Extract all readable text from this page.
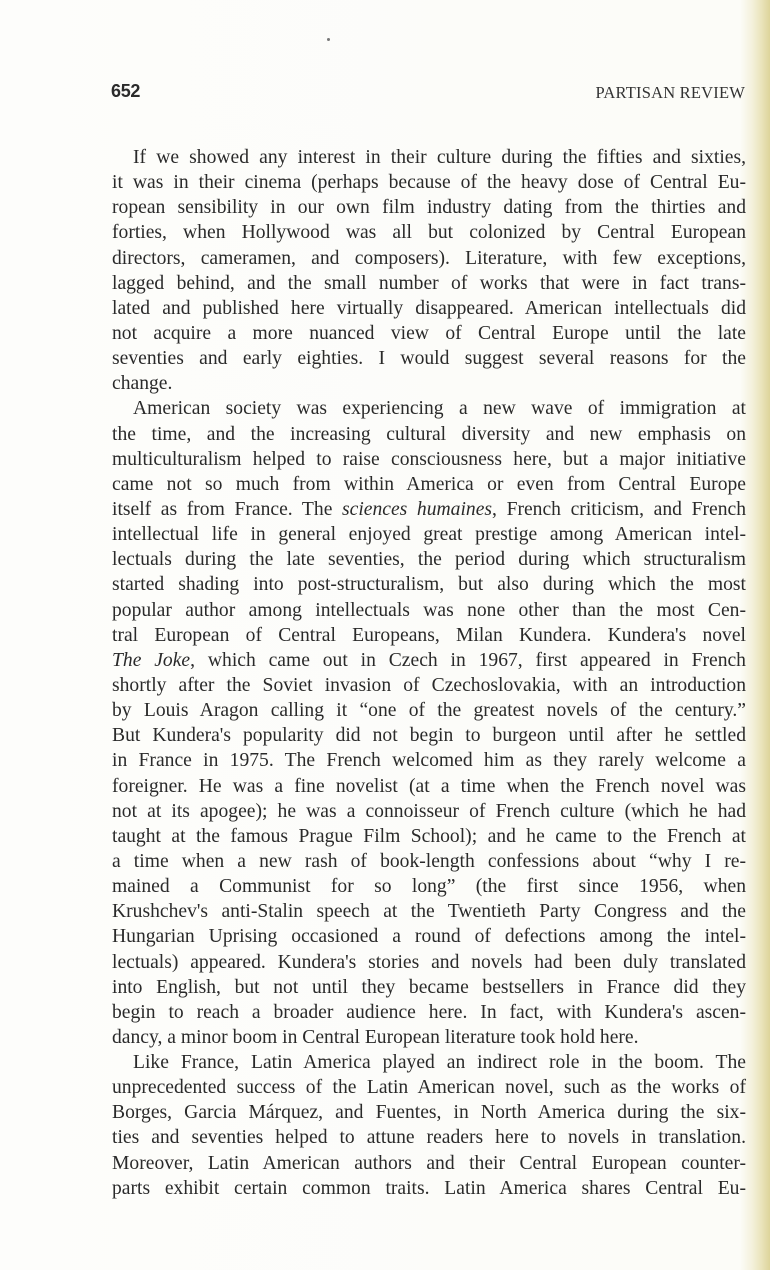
652	PARTISAN REVIEW
If we showed any interest in their culture during the fifties and sixties,
it was in their cinema (perhaps because of the heavy dose of Central Eu-
ropean sensibility in our own film industry dating from the thirties and
forties, when Hollywood was all but colonized by Central European
directors, cameramen, and composers). Literature, with few exceptions,
lagged behind, and the small number of works that were in fact trans-
lated and published here virtually disappeared. American intellectuals did
not acquire a more nuanced view of Central Europe until the late
seventies and early eighties. I would suggest several reasons for the
change.
American society was experiencing a new wave of immigration at
the time, and the increasing cultural diversity and new emphasis on
multiculturalism helped to raise consciousness here, but a major initiative
came not so much from within America or even from Central Europe
itself as from France. The sciences humaines, French criticism, and French
intellectual life in general enjoyed great prestige among American intel-
lectuals during the late seventies, the period during which structuralism
started shading into post-structuralism, but also during which the most
popular author among intellectuals was none other than the most Cen-
tral European of Central Europeans, Milan Kundera. Kundera's novel
The Joke, which came out in Czech in 1967, first appeared in French
shortly after the Soviet invasion of Czechoslovakia, with an introduction
by Louis Aragon calling it “one of the greatest novels of the century.”
But Kundera's popularity did not begin to burgeon until after he settled
in France in 1975. The French welcomed him as they rarely welcome a
foreigner. He was a fine novelist (at a time when the French novel was
not at its apogee); he was a connoisseur of French culture (which he had
taught at the famous Prague Film School); and he came to the French at
a time when a new rash of book-length confessions about “why I re-
mained a Communist for so long” (the first since 1956, when
Krushchev's anti-Stalin speech at the Twentieth Party Congress and the
Hungarian Uprising occasioned a round of defections among the intel-
lectuals) appeared. Kundera's stories and novels had been duly translated
into English, but not until they became bestsellers in France did they
begin to reach a broader audience here. In fact, with Kundera's ascen-
dancy, a minor boom in Central European literature took hold here.
Like France, Latin America played an indirect role in the boom. The
unprecedented success of the Latin American novel, such as the works of
Borges, Garcia Márquez, and Fuentes, in North America during the six-
ties and seventies helped to attune readers here to novels in translation.
Moreover, Latin American authors and their Central European counter-
parts exhibit certain common traits. Latin America shares Central Eu-
